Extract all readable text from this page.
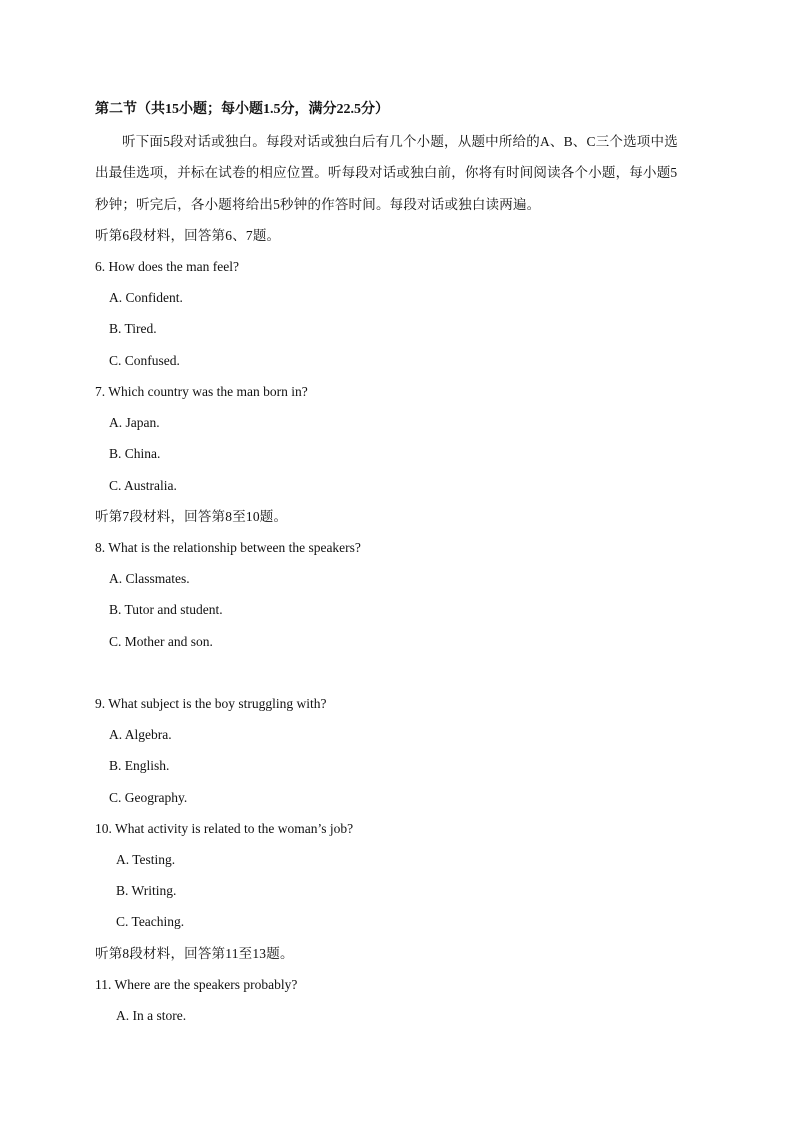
第二节（共15小题；每小题1.5分，满分22.5分）
听下面5段对话或独白。每段对话或独白后有几个小题，从题中所给的A、B、C三个选项中选
出最佳选项，并标在试卷的相应位置。听每段对话或独白前，你将有时间阅读各个小题，每小题5
秒钟；听完后，各小题将给出5秒钟的作答时间。每段对话或独白读两遍。
听第6段材料，回答第6、7题。
6. How does the man feel?
A. Confident.
B. Tired.
C. Confused.
7. Which country was the man born in?
A. Japan.
B. China.
C. Australia.
听第7段材料，回答第8至10题。
8. What is the relationship between the speakers?
A. Classmates.
B. Tutor and student.
C. Mother and son.
9. What subject is the boy struggling with?
A. Algebra.
B. English.
C. Geography.
10. What activity is related to the woman’s job?
A. Testing.
B. Writing.
C. Teaching.
听第8段材料，回答第11至13题。
11. Where are the speakers probably?
A. In a store.
